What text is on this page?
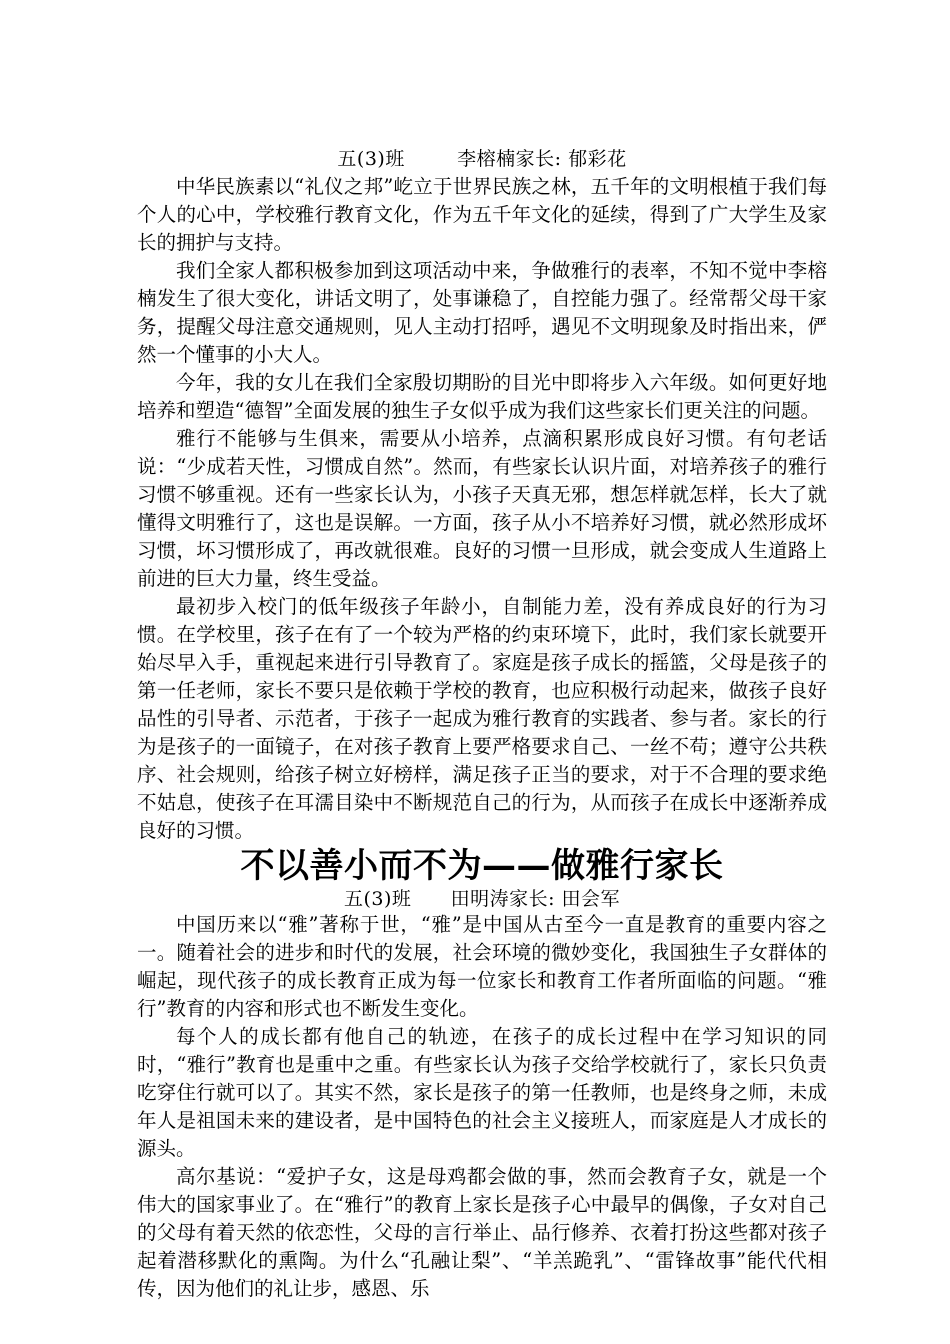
五(3)班        李榕楠家长: 郁彩花

中华民族素以“礼仪之邦”屹立于世界民族之林，五千年的文明根植于我们每个人的心中，学校雅行教育文化，作为五千年文化的延续，得到了广大学生及家长的拥护与支持。

我们全家人都积极参加到这项活动中来，争做雅行的表率，不知不觉中李榕楠发生了很大变化，讲话文明了，处事谦稳了，自控能力强了。经常帮父母干家务，提醒父母注意交通规则，见人主动打招呼，遇见不文明现象及时指出来，俨然一个懂事的小大人。

今年，我的女儿在我们全家殷切期盼的目光中即将步入六年级。如何更好地培养和塑造“德智”全面发展的独生子女似乎成为我们这些家长们更关注的问题。

雅行不能够与生俱来，需要从小培养，点滴积累形成良好习惯。有句老话说：“少成若天性，习惯成自然”。然而，有些家长认识片面，对培养孩子的雅行习惯不够重视。还有一些家长认为，小孩子天真无邪，想怎样就怎样，长大了就懂得文明雅行了，这也是误解。一方面，孩子从小不培养好习惯，就必然形成坏习惯，坏习惯形成了，再改就很难。良好的习惯一旦形成，就会变成人生道路上前进的巨大力量，终生受益。

最初步入校门的低年级孩子年龄小，自制能力差，没有养成良好的行为习惯。在学校里，孩子在有了一个较为严格的约束环境下，此时，我们家长就要开始尽早入手，重视起来进行引导教育了。家庭是孩子成长的摇篮，父母是孩子的第一任老师，家长不要只是依赖于学校的教育，也应积极行动起来，做孩子良好品性的引导者、示范者，于孩子一起成为雅行教育的实践者、参与者。家长的行为是孩子的一面镜子，在对孩子教育上要严格要求自己、一丝不苟；遵守公共秩序、社会规则，给孩子树立好榜样，满足孩子正当的要求，对于不合理的要求绝不姑息，使孩子在耳濡目染中不断规范自己的行为，从而孩子在成长中逐渐养成良好的习惯。

不以善小而不为——做雅行家长
五(3)班      田明涛家长: 田会军

中国历来以“雅”著称于世，“雅”是中国从古至今一直是教育的重要内容之一。随着社会的进步和时代的发展，社会环境的微妙变化，我国独生子女群体的崛起，现代孩子的成长教育正成为每一位家长和教育工作者所面临的问题。“雅行”教育的内容和形式也不断发生变化。

每个人的成长都有他自己的轨迹，在孩子的成长过程中在学习知识的同时，“雅行”教育也是重中之重。有些家长认为孩子交给学校就行了，家长只负责吃穿住行就可以了。其实不然，家长是孩子的第一任教师，也是终身之师，未成年人是祖国未来的建设者，是中国特色的社会主义接班人，而家庭是人才成长的源头。

高尔基说：“爱护子女，这是母鸡都会做的事，然而会教育子女，就是一个伟大的国家事业了。在“雅行”的教育上家长是孩子心中最早的偶像，子女对自己的父母有着天然的依恋性，父母的言行举止、品行修养、衣着打扮这些都对孩子起着潜移默化的熏陶。为什么“孔融让梨”、“羊羔跪乳”、“雷锋故事”能代代相传，因为他们的礼让步，感恩、乐
